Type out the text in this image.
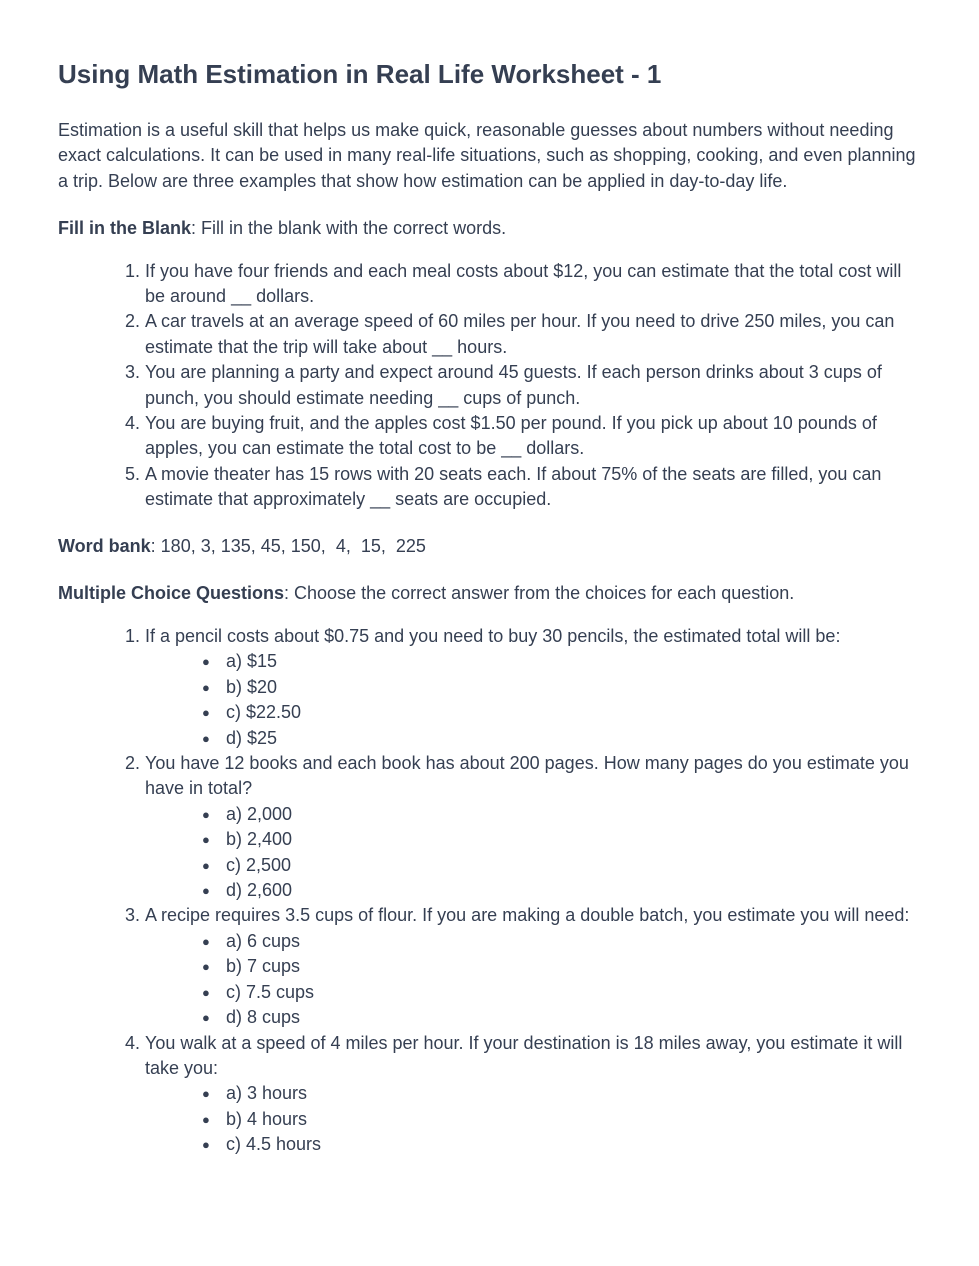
Using Math Estimation in Real Life Worksheet - 1

Estimation is a useful skill that helps us make quick, reasonable guesses about numbers without needing exact calculations. It can be used in many real-life situations, such as shopping, cooking, and even planning a trip. Below are three examples that show how estimation can be applied in day-to-day life.

Fill in the Blank: Fill in the blank with the correct words.

1. If you have four friends and each meal costs about $12, you can estimate that the total cost will be around __ dollars.
2. A car travels at an average speed of 60 miles per hour. If you need to drive 250 miles, you can estimate that the trip will take about __ hours.
3. You are planning a party and expect around 45 guests. If each person drinks about 3 cups of punch, you should estimate needing __ cups of punch.
4. You are buying fruit, and the apples cost $1.50 per pound. If you pick up about 10 pounds of apples, you can estimate the total cost to be __ dollars.
5. A movie theater has 15 rows with 20 seats each. If about 75% of the seats are filled, you can estimate that approximately __ seats are occupied.

Word bank: 180, 3, 135, 45, 150,  4,  15,  225

Multiple Choice Questions: Choose the correct answer from the choices for each question.

1. If a pencil costs about $0.75 and you need to buy 30 pencils, the estimated total will be:
● a) $15
● b) $20
● c) $22.50
● d) $25
2. You have 12 books and each book has about 200 pages. How many pages do you estimate you have in total?
● a) 2,000
● b) 2,400
● c) 2,500
● d) 2,600
3. A recipe requires 3.5 cups of flour. If you are making a double batch, you estimate you will need:
● a) 6 cups
● b) 7 cups
● c) 7.5 cups
● d) 8 cups
4. You walk at a speed of 4 miles per hour. If your destination is 18 miles away, you estimate it will take you:
● a) 3 hours
● b) 4 hours
● c) 4.5 hours
